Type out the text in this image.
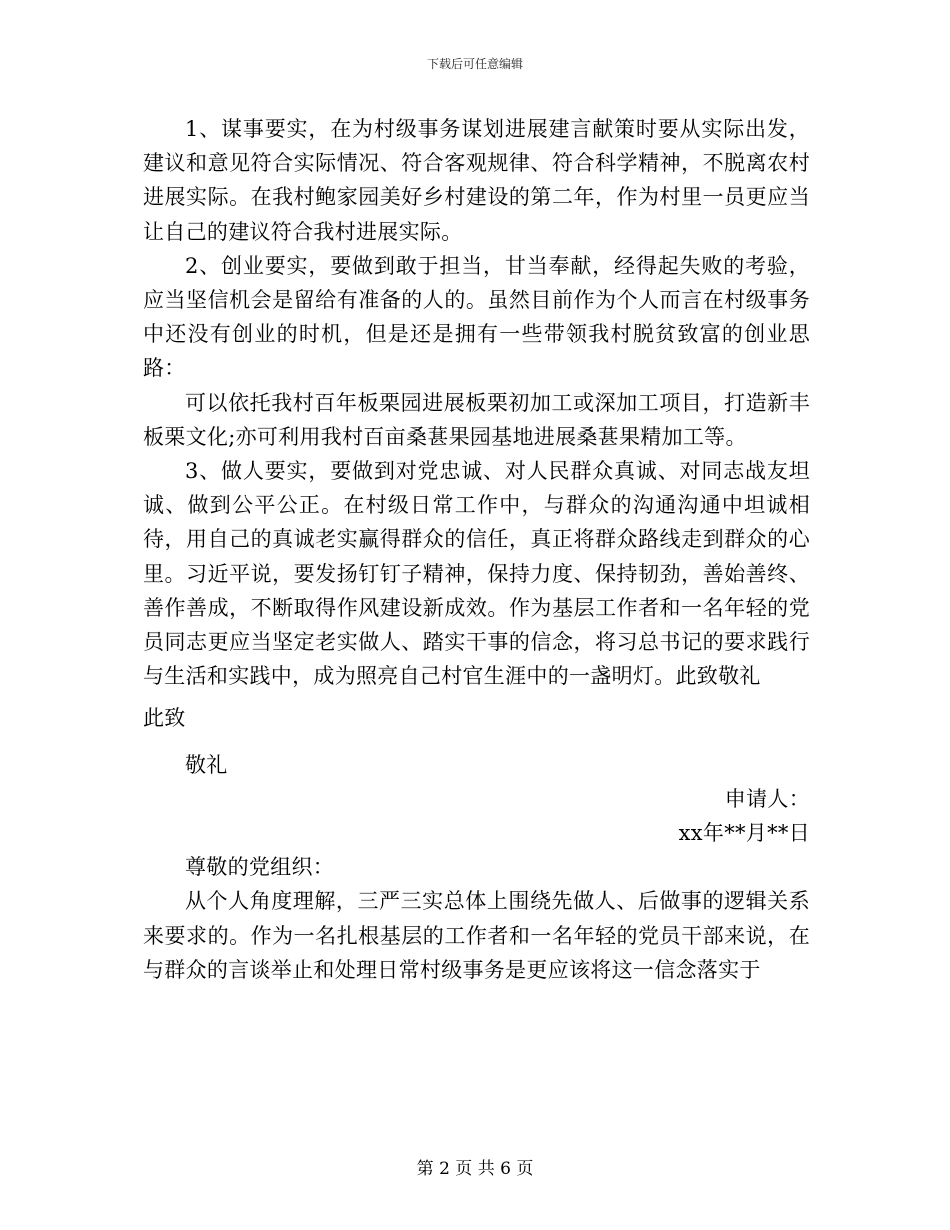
下载后可任意编辑

1、谋事要实，在为村级事务谋划进展建言献策时要从实际出发，建议和意见符合实际情况、符合客观规律、符合科学精神，不脱离农村进展实际。在我村鲍家园美好乡村建设的第二年，作为村里一员更应当让自己的建议符合我村进展实际。

2、创业要实，要做到敢于担当，甘当奉献，经得起失败的考验，应当坚信机会是留给有准备的人的。虽然目前作为个人而言在村级事务中还没有创业的时机，但是还是拥有一些带领我村脱贫致富的创业思路：

可以依托我村百年板栗园进展板栗初加工或深加工项目，打造新丰板栗文化;亦可利用我村百亩桑葚果园基地进展桑葚果精加工等。

3、做人要实，要做到对党忠诚、对人民群众真诚、对同志战友坦诚、做到公平公正。在村级日常工作中，与群众的沟通沟通中坦诚相待，用自己的真诚老实赢得群众的信任，真正将群众路线走到群众的心里。习近平说，要发扬钉钉子精神，保持力度、保持韧劲，善始善终、善作善成，不断取得作风建设新成效。作为基层工作者和一名年轻的党员同志更应当坚定老实做人、踏实干事的信念，将习总书记的要求践行与生活和实践中，成为照亮自己村官生涯中的一盏明灯。此致敬礼

此致
敬礼
申请人：
xx年**月**日
尊敬的党组织：

从个人角度理解，三严三实总体上围绕先做人、后做事的逻辑关系来要求的。作为一名扎根基层的工作者和一名年轻的党员干部来说，在与群众的言谈举止和处理日常村级事务是更应该将这一信念落实于

第 2 页 共 6 页
